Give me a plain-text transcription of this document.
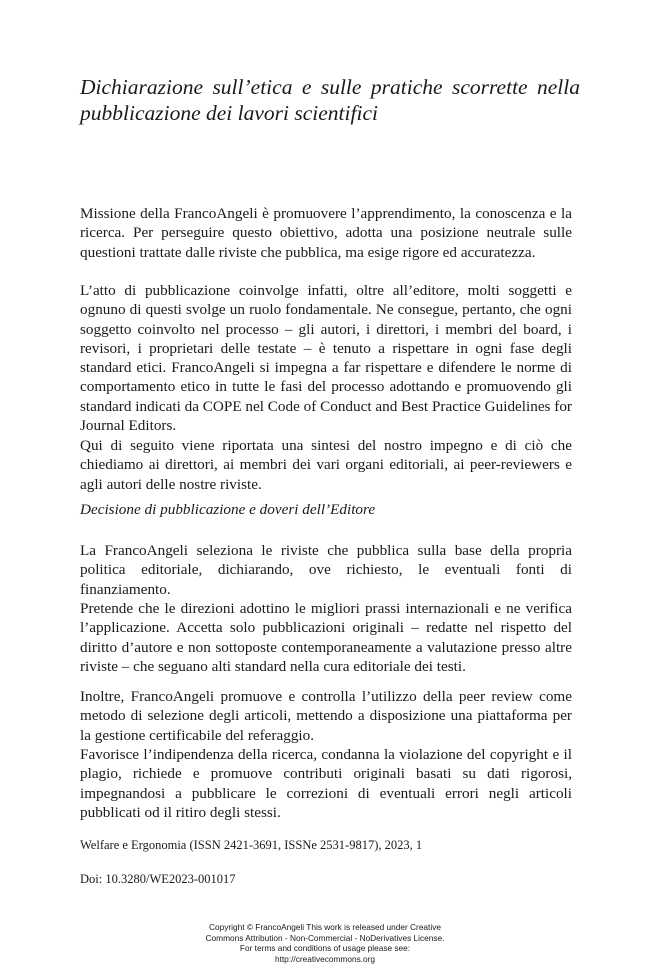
Dichiarazione sull’etica e sulle pratiche scorrette nella pubblicazione dei lavori scientifici

Missione della FrancoAngeli è promuovere l’apprendimento, la conoscenza e la ricerca. Per perseguire questo obiettivo, adotta una posizione neutrale sulle questioni trattate dalle riviste che pubblica, ma esige rigore ed accuratezza.

L’atto di pubblicazione coinvolge infatti, oltre all’editore, molti soggetti e ognuno di questi svolge un ruolo fondamentale. Ne consegue, pertanto, che ogni soggetto coinvolto nel processo – gli autori, i direttori, i membri del board, i revisori, i proprietari delle testate – è tenuto a rispettare in ogni fase degli standard etici. FrancoAngeli si impegna a far rispettare e difendere le norme di comportamento etico in tutte le fasi del processo adottando e promuovendo gli standard indicati da COPE nel Code of Conduct and Best Practice Guidelines for Journal Editors.

Qui di seguito viene riportata una sintesi del nostro impegno e di ciò che chiediamo ai direttori, ai membri dei vari organi editoriali, ai peer-reviewers e agli autori delle nostre riviste.

Decisione di pubblicazione e doveri dell’Editore

La FrancoAngeli seleziona le riviste che pubblica sulla base della propria politica editoriale, dichiarando, ove richiesto, le eventuali fonti di finanziamento.

Pretende che le direzioni adottino le migliori prassi internazionali e ne verifica l’applicazione. Accetta solo pubblicazioni originali – redatte nel rispetto del diritto d’autore e non sottoposte contemporaneamente a valutazione presso altre riviste – che seguano alti standard nella cura editoriale dei testi.

Inoltre, FrancoAngeli promuove e controlla l’utilizzo della peer review come metodo di selezione degli articoli, mettendo a disposizione una piattaforma per la gestione certificabile del referaggio.

Favorisce l’indipendenza della ricerca, condanna la violazione del copyright e il plagio, richiede e promuove contributi originali basati su dati rigorosi, impegnandosi a pubblicare le correzioni di eventuali errori negli articoli pubblicati od il ritiro degli stessi.

Welfare e Ergonomia (ISSN 2421-3691, ISSNe 2531-9817), 2023, 1

Doi: 10.3280/WE2023-001017

Copyright © FrancoAngeli This work is released under Creative
Commons Attribution - Non-Commercial - NoDerivatives License.
For terms and conditions of usage please see:
http://creativecommons.org
